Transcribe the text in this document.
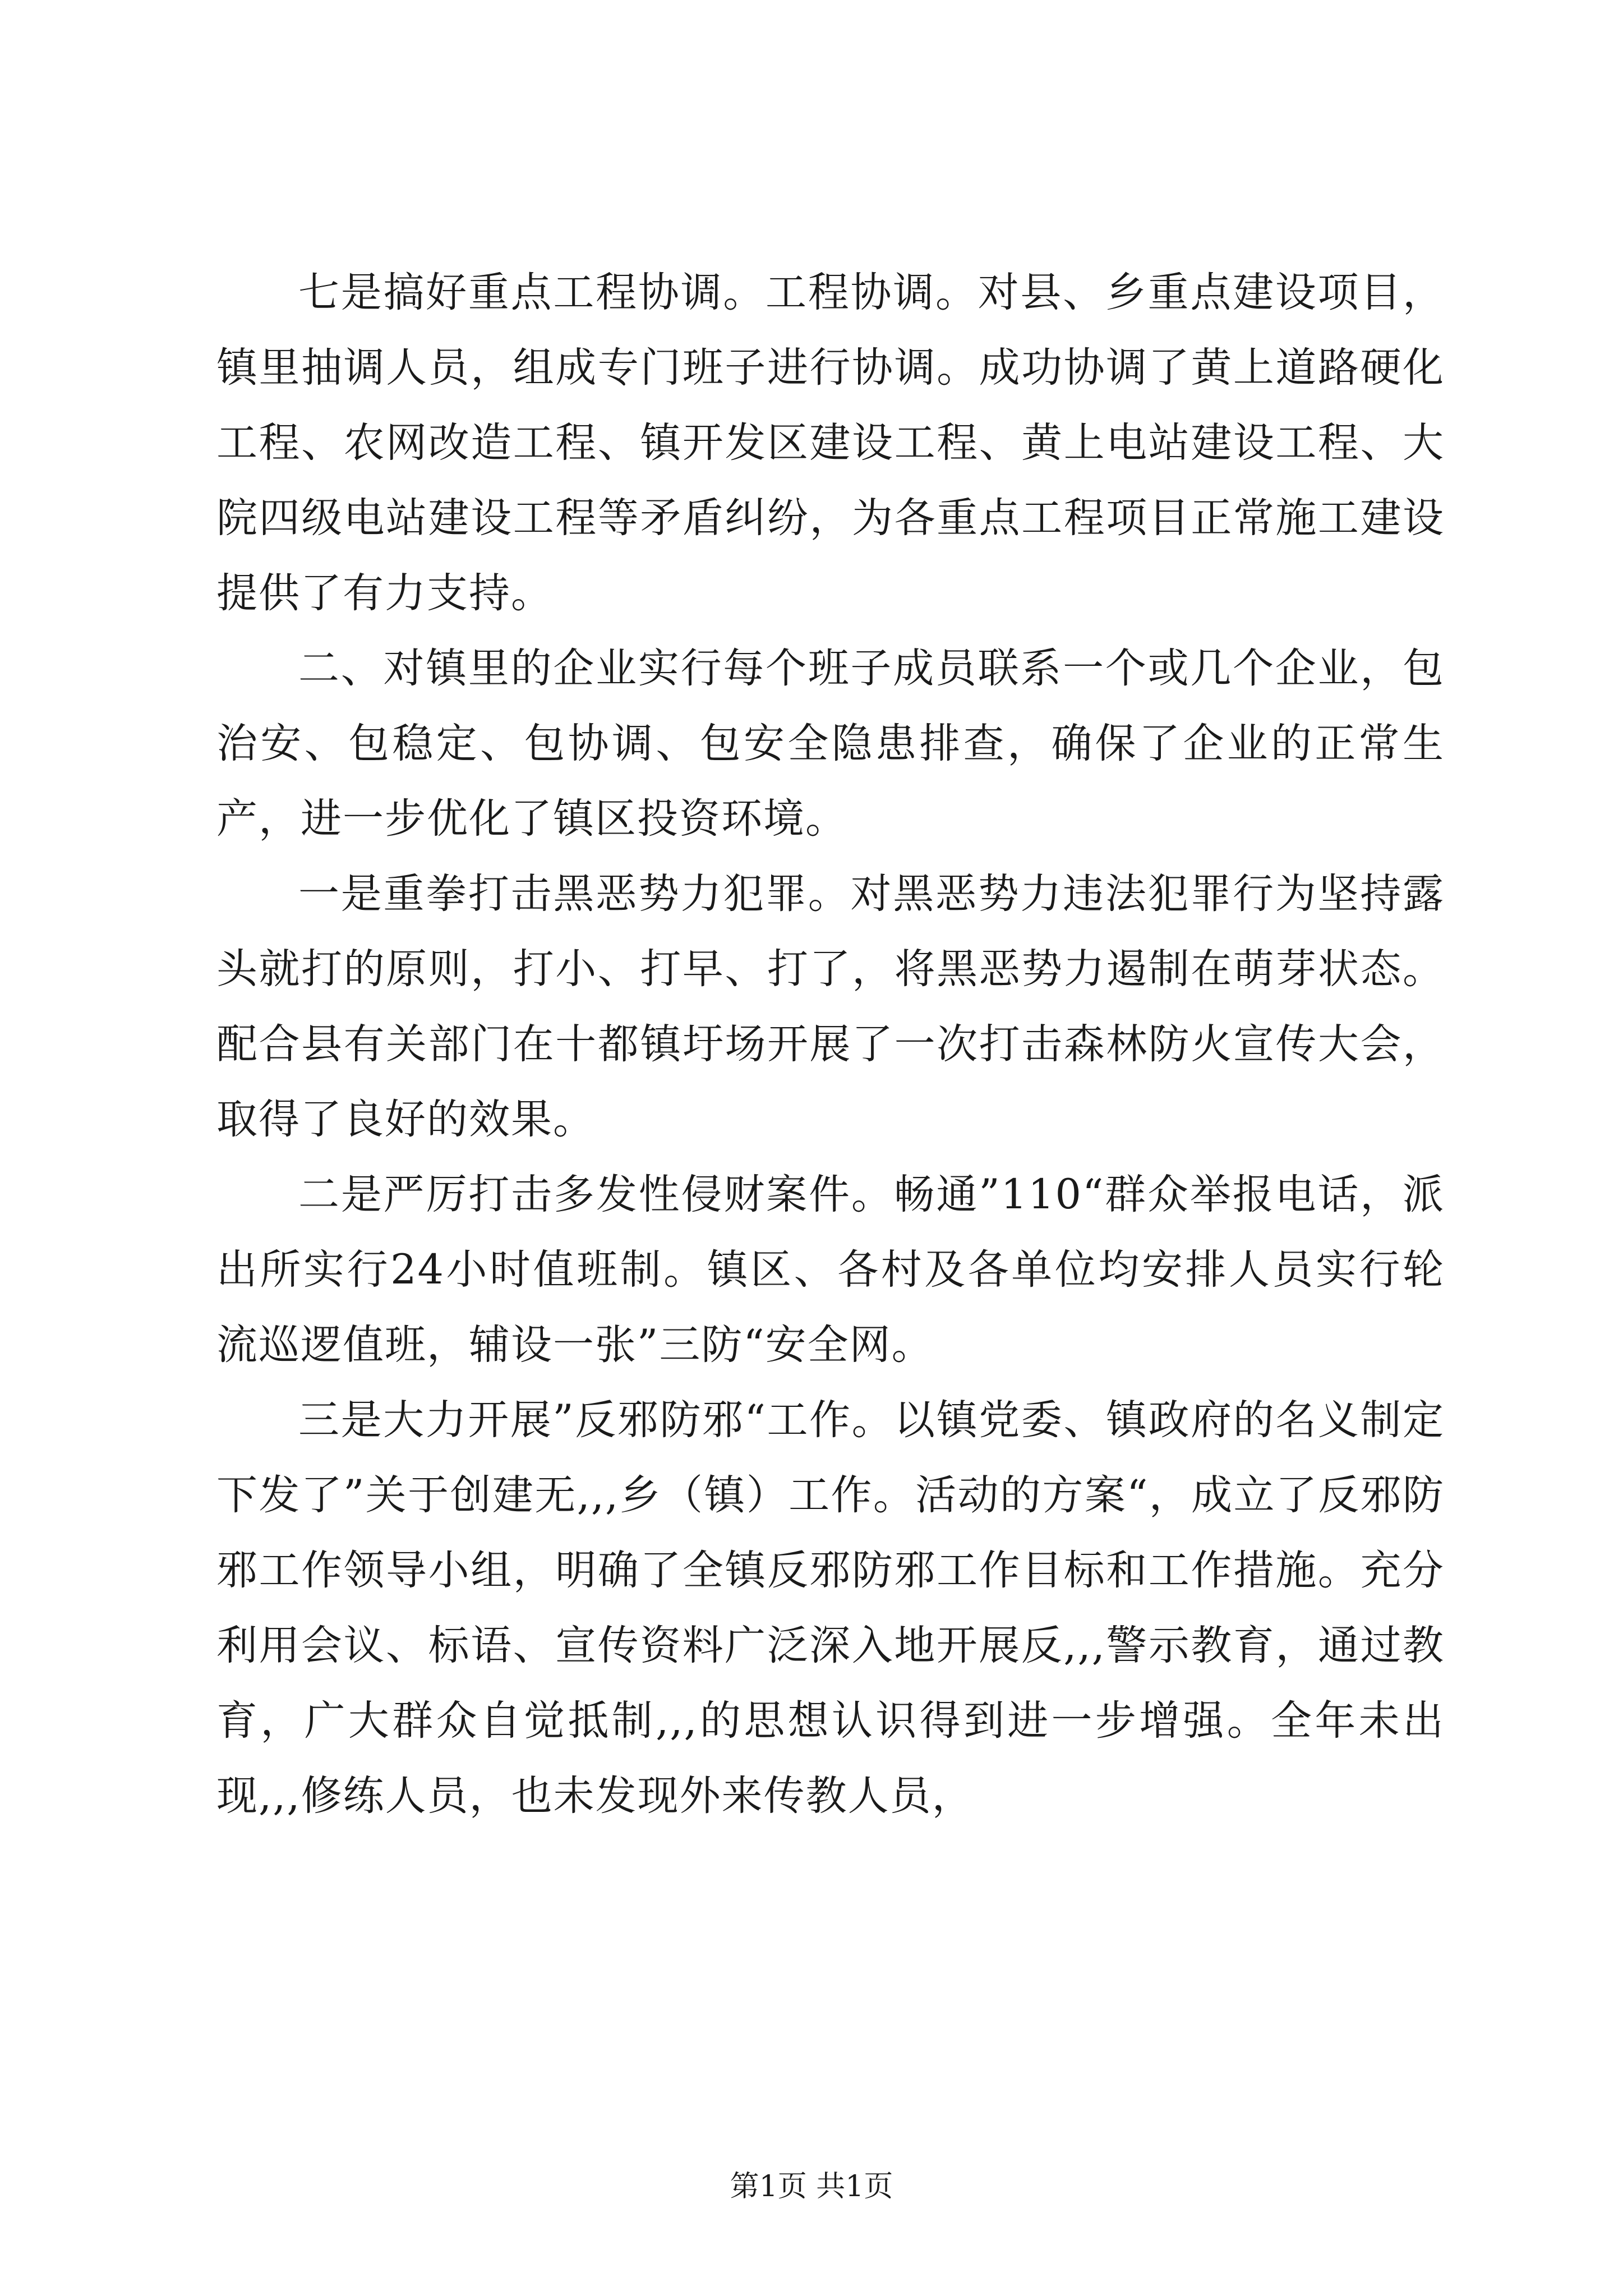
七是搞好重点工程协调。工程协调。对县、乡重点建设项目，镇里抽调人员，组成专门班子进行协调。成功协调了黄上道路硬化工程、农网改造工程、镇开发区建设工程、黄上电站建设工程、大院四级电站建设工程等矛盾纠纷，为各重点工程项目正常施工建设提供了有力支持。

二、对镇里的企业实行每个班子成员联系一个或几个企业，包治安、包稳定、包协调、包安全隐患排查，确保了企业的正常生产，进一步优化了镇区投资环境。

一是重拳打击黑恶势力犯罪。对黑恶势力违法犯罪行为坚持露头就打的原则，打小、打早、打了，将黑恶势力遏制在萌芽状态。配合县有关部门在十都镇圩场开展了一次打击森林防火宣传大会，取得了良好的效果。

二是严厉打击多发性侵财案件。畅通”110“群众举报电话，派出所实行24小时值班制。镇区、各村及各单位均安排人员实行轮流巡逻值班，辅设一张”三防“安全网。

三是大力开展”反邪防邪“工作。以镇党委、镇政府的名义制定下发了”关于创建无,,,乡（镇）工作。活动的方案“，成立了反邪防邪工作领导小组，明确了全镇反邪防邪工作目标和工作措施。充分利用会议、标语、宣传资料广泛深入地开展反,,,警示教育，通过教育，广大群众自觉抵制,,,的思想认识得到进一步增强。全年未出现,,,修练人员，也未发现外来传教人员，

第1页 共1页
